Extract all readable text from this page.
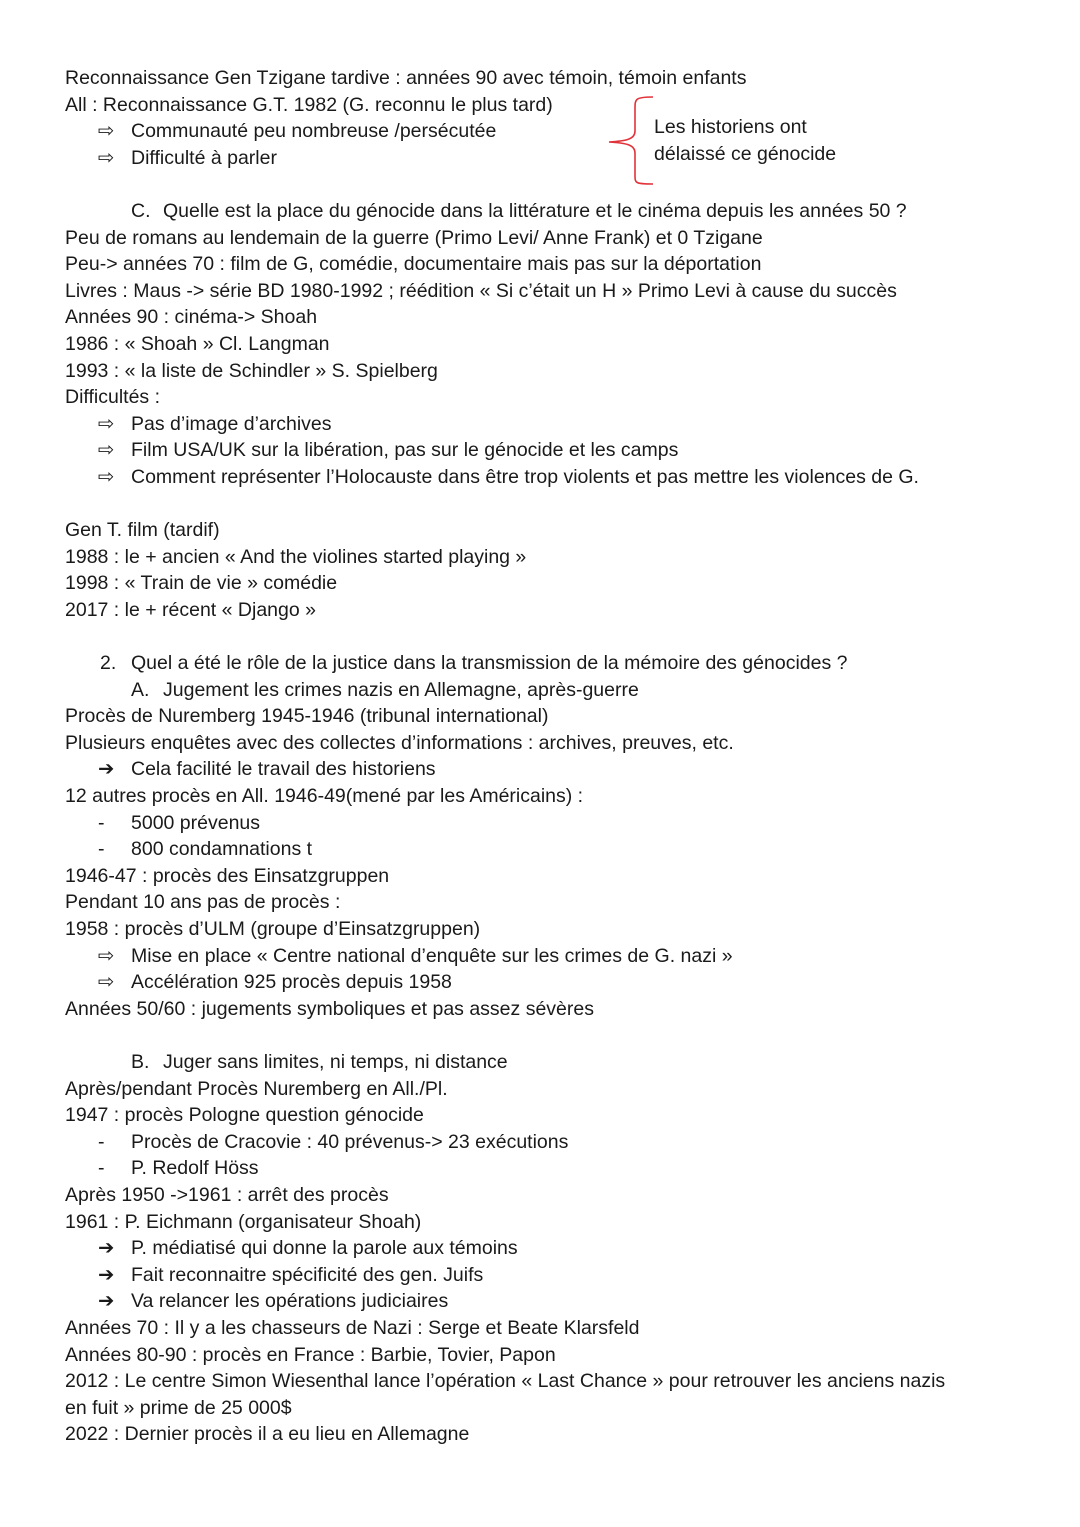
Reconnaissance Gen Tzigane tardive : années 90 avec témoin, témoin enfants
All : Reconnaissance G.T. 1982 (G. reconnu le plus tard)
⇨ Communauté peu nombreuse /persécutée
⇨ Difficulté à parler
C. Quelle est la place du génocide dans la littérature et le cinéma depuis les années 50 ?
Peu de romans au lendemain de la guerre (Primo Levi/ Anne Frank) et 0 Tzigane
Peu-> années 70 : film de G, comédie, documentaire mais pas sur la déportation
Livres : Maus -> série BD 1980-1992 ; réédition « Si c’était un H » Primo Levi à cause du succès
Années 90 : cinéma-> Shoah
1986 : « Shoah » Cl. Langman
1993 : « la liste de Schindler » S. Spielberg
Difficultés :
⇨ Pas d’image d’archives
⇨ Film USA/UK sur la libération, pas sur le génocide et les camps
⇨ Comment représenter l’Holocauste dans être trop violents et pas mettre les violences de G.
Gen T. film (tardif)
1988 : le + ancien « And the violines started playing »
1998 : « Train de vie » comédie
2017 : le + récent « Django »
2. Quel a été le rôle de la justice dans la transmission de la mémoire des génocides ?
A. Jugement les crimes nazis en Allemagne, après-guerre
Procès de Nuremberg 1945-1946 (tribunal international)
Plusieurs enquêtes avec des collectes d’informations : archives, preuves, etc.
➔ Cela facilité le travail des historiens
12 autres procès en All. 1946-49(mené par les Américains) :
- 5000 prévenus
- 800 condamnations t
1946-47 : procès des Einsatzgruppen
Pendant 10 ans pas de procès :
1958 : procès d’ULM (groupe d’Einsatzgruppen)
⇨ Mise en place « Centre national d’enquête sur les crimes de G. nazi »
⇨ Accélération 925 procès depuis 1958
Années 50/60 : jugements symboliques et pas assez sévères
B. Juger sans limites, ni temps, ni distance
Après/pendant Procès Nuremberg en All./Pl.
1947 : procès Pologne question génocide
- Procès de Cracovie : 40 prévenus-> 23 exécutions
- P. Redolf Höss
Après 1950 ->1961 : arrêt des procès
1961 : P. Eichmann (organisateur Shoah)
➔ P. médiatisé qui donne la parole aux témoins
➔ Fait reconnaitre spécificité des gen. Juifs
➔ Va relancer les opérations judiciaires
Années 70 : Il y a les chasseurs de Nazi : Serge et Beate Klarsfeld
Années 80-90 : procès en France : Barbie, Tovier, Papon
2012 : Le centre Simon Wiesenthal lance l’opération « Last Chance » pour retrouver les anciens nazis
en fuit » prime de 25 000$
2022 : Dernier procès il a eu lieu en Allemagne
Les historiens ont
délaissé ce génocide
